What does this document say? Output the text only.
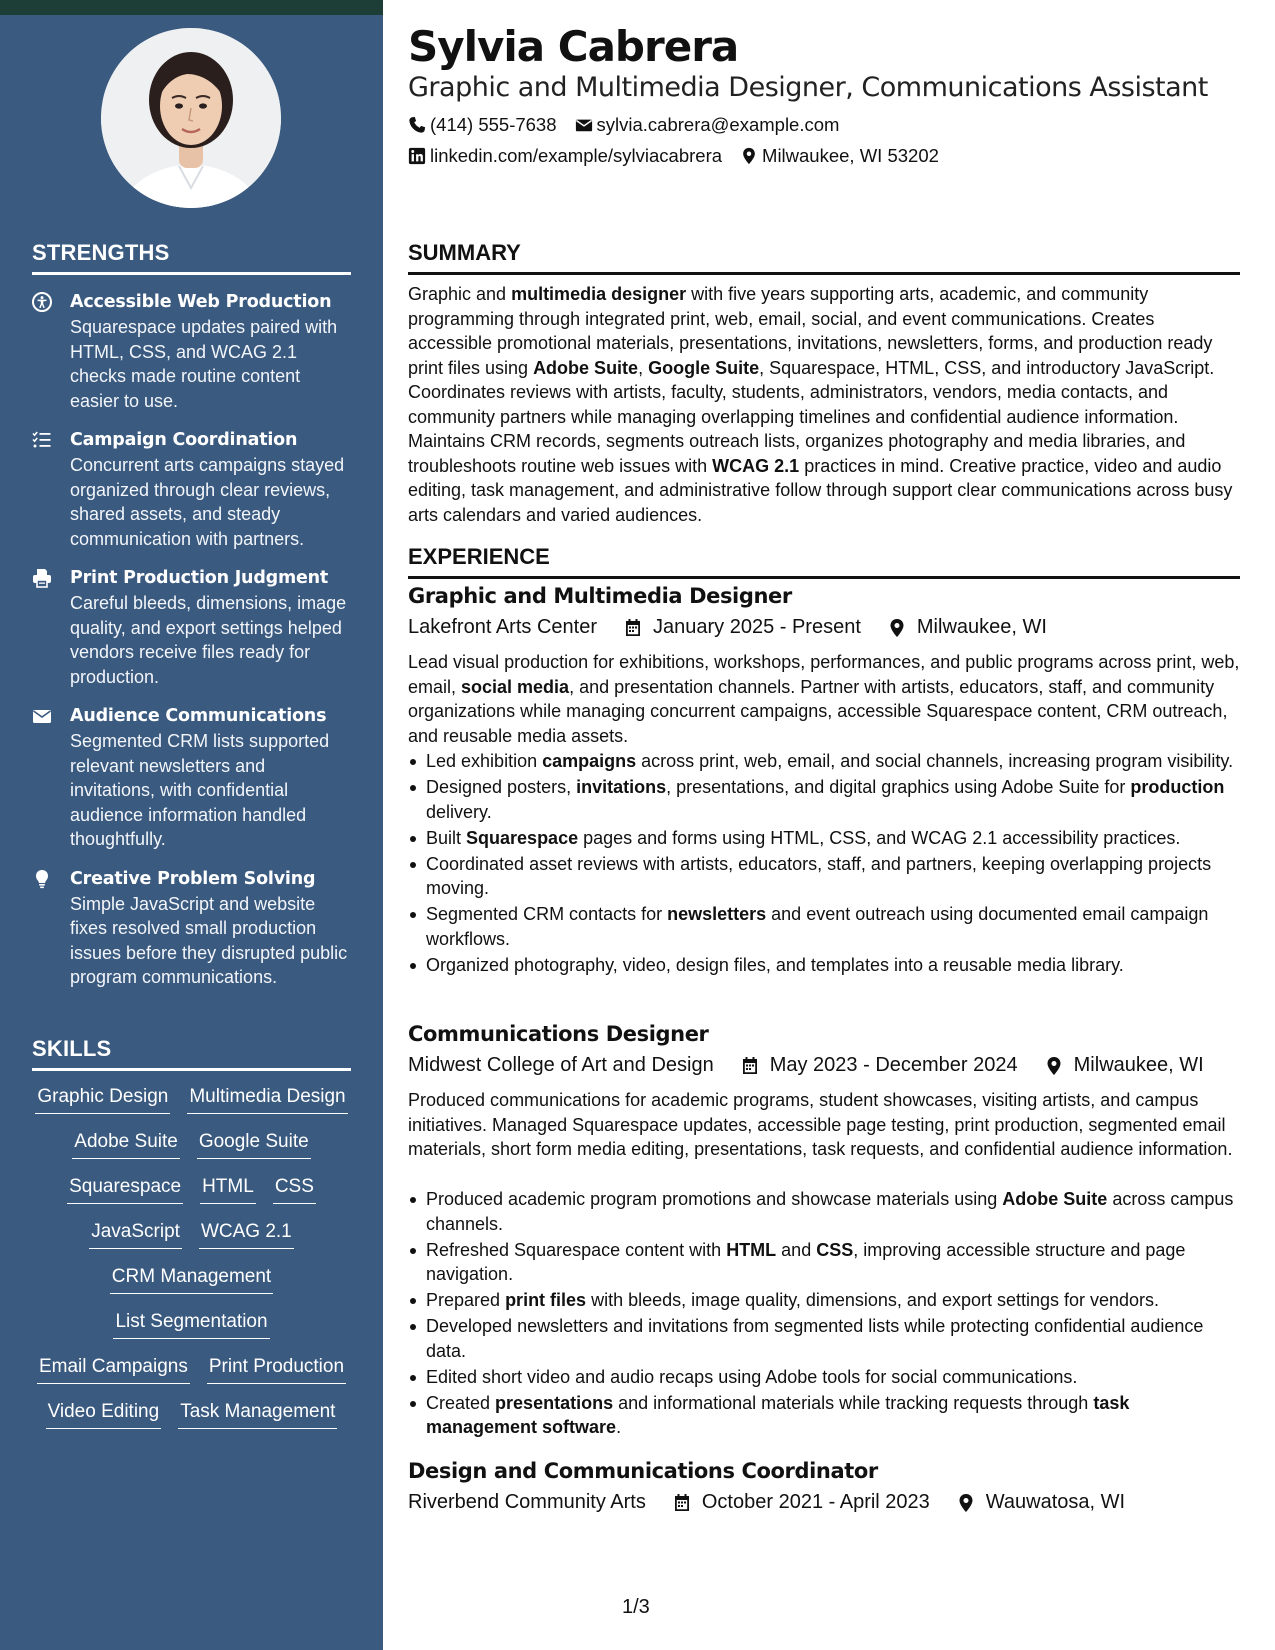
STRENGTHS
Accessible Web Production
Squarespace updates paired with HTML, CSS, and WCAG 2.1 checks made routine content easier to use.
Campaign Coordination
Concurrent arts campaigns stayed organized through clear reviews, shared assets, and steady communication with partners.
Print Production Judgment
Careful bleeds, dimensions, image quality, and export settings helped vendors receive files ready for production.
Audience Communications
Segmented CRM lists supported relevant newsletters and invitations, with confidential audience information handled thoughtfully.
Creative Problem Solving
Simple JavaScript and website fixes resolved small production issues before they disrupted public program communications.
SKILLS
Graphic Design Multimedia Design
Adobe Suite Google Suite
Squarespace HTML CSS
JavaScript WCAG 2.1
CRM Management
List Segmentation
Email Campaigns Print Production
Video Editing Task Management
Sylvia Cabrera
Graphic and Multimedia Designer, Communications Assistant
(414) 555-7638 sylvia.cabrera@example.com
linkedin.com/example/sylviacabrera Milwaukee, WI 53202
SUMMARY
Graphic and multimedia designer with five years supporting arts, academic, and community programming through integrated print, web, email, social, and event communications. Creates accessible promotional materials, presentations, invitations, newsletters, forms, and production ready print files using Adobe Suite, Google Suite, Squarespace, HTML, CSS, and introductory JavaScript. Coordinates reviews with artists, faculty, students, administrators, vendors, media contacts, and community partners while managing overlapping timelines and confidential audience information. Maintains CRM records, segments outreach lists, organizes photography and media libraries, and troubleshoots routine web issues with WCAG 2.1 practices in mind. Creative practice, video and audio editing, task management, and administrative follow through support clear communications across busy arts calendars and varied audiences.
EXPERIENCE
Graphic and Multimedia Designer
Lakefront Arts Center	January 2025 - Present	Milwaukee, WI
Lead visual production for exhibitions, workshops, performances, and public programs across print, web, email, social media, and presentation channels. Partner with artists, educators, staff, and community organizations while managing concurrent campaigns, accessible Squarespace content, CRM outreach, and reusable media assets.
Led exhibition campaigns across print, web, email, and social channels, increasing program visibility.
Designed posters, invitations, presentations, and digital graphics using Adobe Suite for production delivery.
Built Squarespace pages and forms using HTML, CSS, and WCAG 2.1 accessibility practices.
Coordinated asset reviews with artists, educators, staff, and partners, keeping overlapping projects moving.
Segmented CRM contacts for newsletters and event outreach using documented email campaign workflows.
Organized photography, video, design files, and templates into a reusable media library.
Communications Designer
Midwest College of Art and Design	May 2023 - December 2024	Milwaukee, WI
Produced communications for academic programs, student showcases, visiting artists, and campus initiatives. Managed Squarespace updates, accessible page testing, print production, segmented email materials, short form media editing, presentations, task requests, and confidential audience information.
Produced academic program promotions and showcase materials using Adobe Suite across campus channels.
Refreshed Squarespace content with HTML and CSS, improving accessible structure and page navigation.
Prepared print files with bleeds, image quality, dimensions, and export settings for vendors.
Developed newsletters and invitations from segmented lists while protecting confidential audience data.
Edited short video and audio recaps using Adobe tools for social communications.
Created presentations and informational materials while tracking requests through task management software.
Design and Communications Coordinator
Riverbend Community Arts	October 2021 - April 2023	Wauwatosa, WI
1/3
